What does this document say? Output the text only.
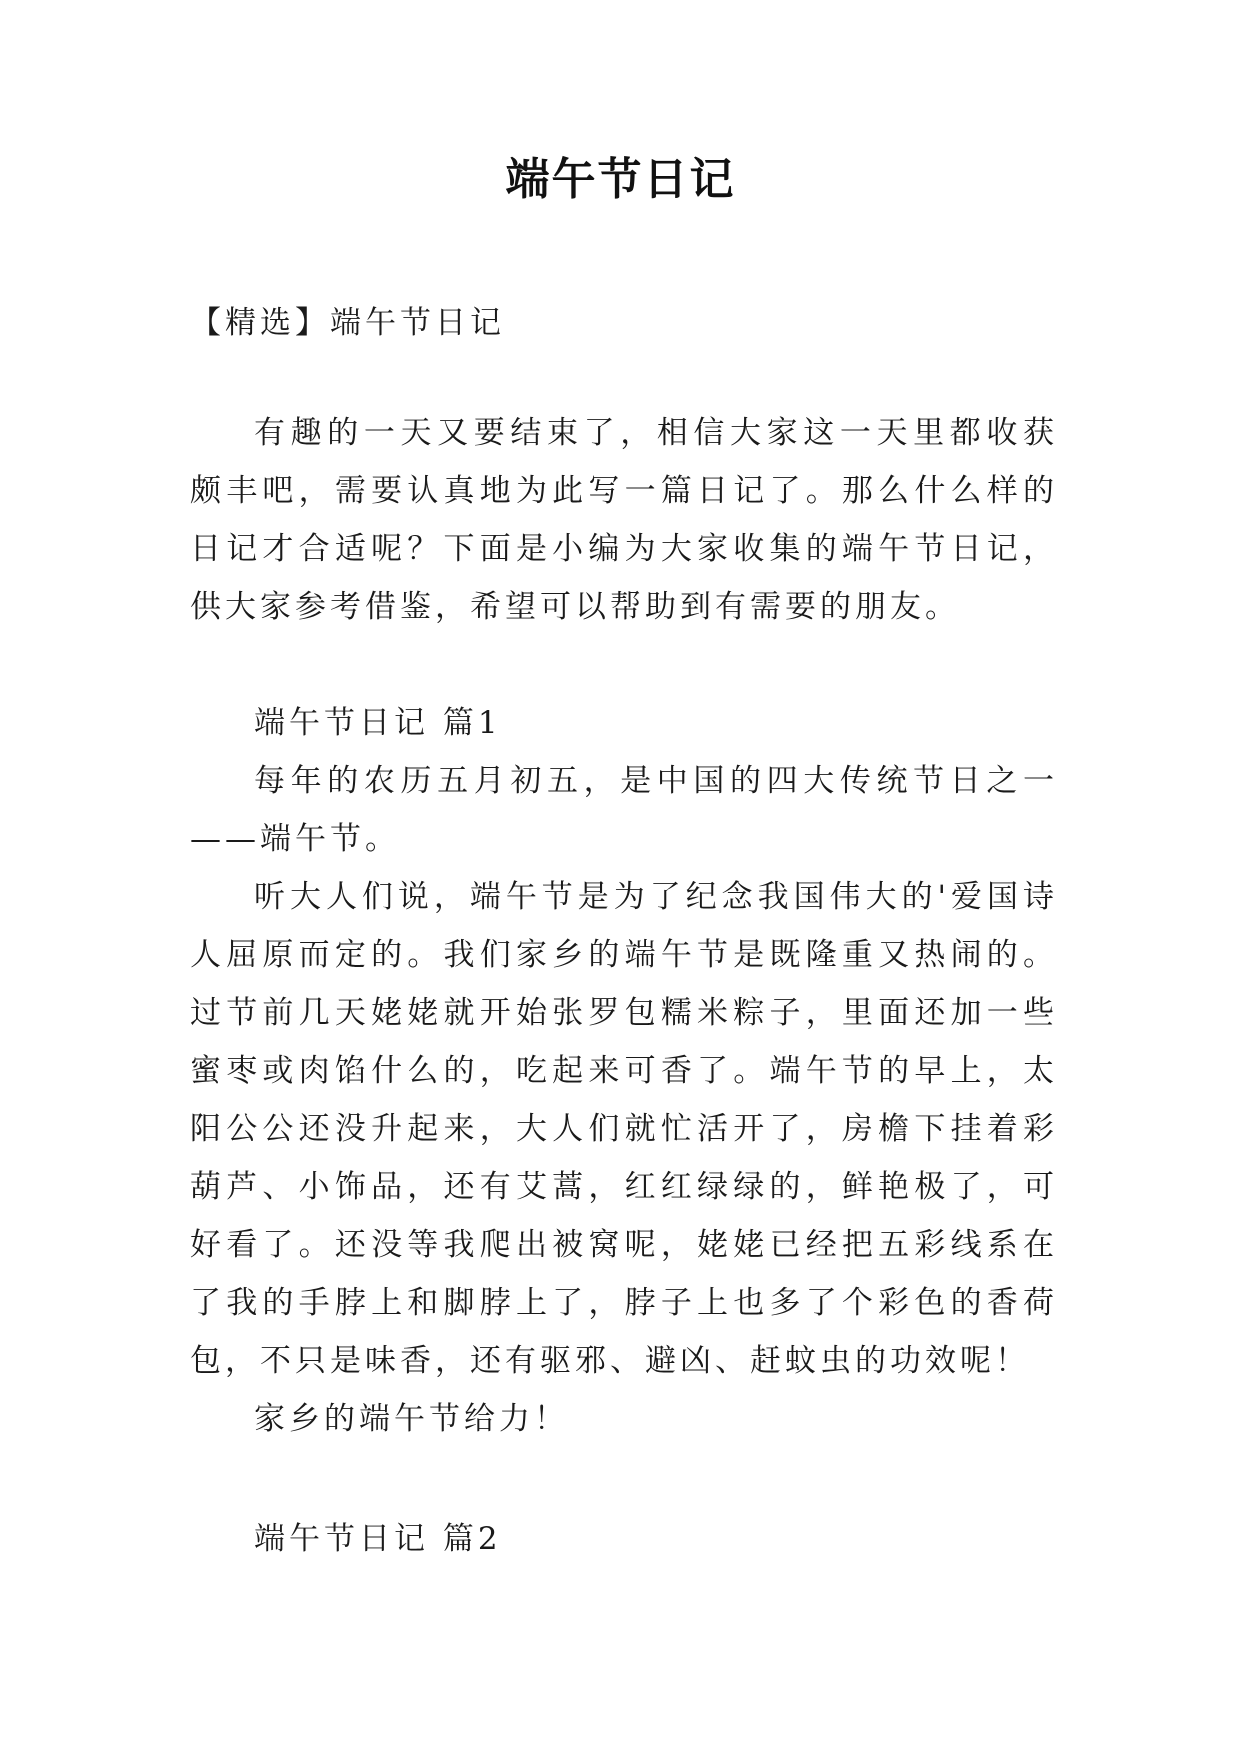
端午节日记

【精选】端午节日记

有趣的一天又要结束了，相信大家这一天里都收获颇丰吧，需要认真地为此写一篇日记了。那么什么样的日记才合适呢？下面是小编为大家收集的端午节日记，供大家参考借鉴，希望可以帮助到有需要的朋友。

端午节日记 篇1

每年的农历五月初五，是中国的四大传统节日之一——端午节。

听大人们说，端午节是为了纪念我国伟大的'爱国诗人屈原而定的。我们家乡的端午节是既隆重又热闹的。过节前几天姥姥就开始张罗包糯米粽子，里面还加一些蜜枣或肉馅什么的，吃起来可香了。端午节的早上，太阳公公还没升起来，大人们就忙活开了，房檐下挂着彩葫芦、小饰品，还有艾蒿，红红绿绿的，鲜艳极了，可好看了。还没等我爬出被窝呢，姥姥已经把五彩线系在了我的手脖上和脚脖上了，脖子上也多了个彩色的香荷包，不只是味香，还有驱邪、避凶、赶蚊虫的功效呢！

家乡的端午节给力！

端午节日记 篇2
